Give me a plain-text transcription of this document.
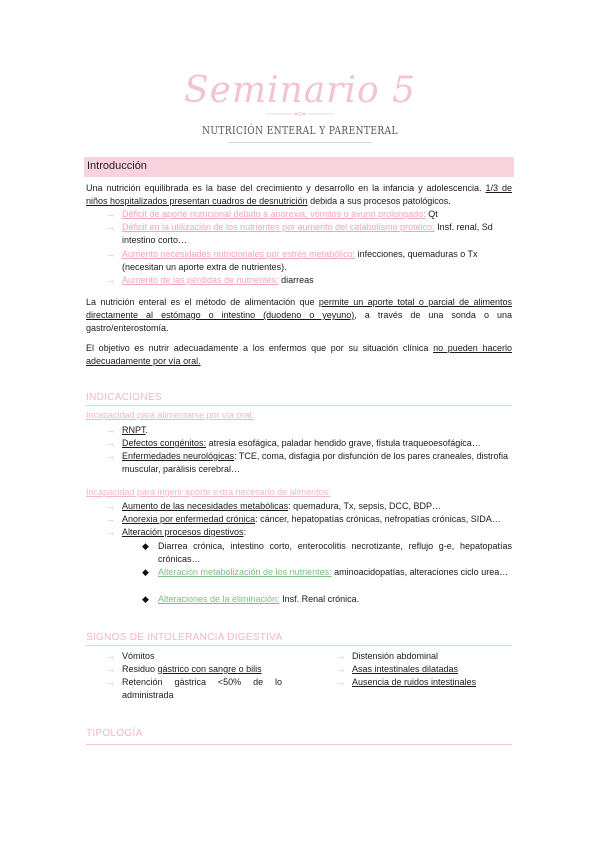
Seminario 5
NUTRICIÓN ENTERAL Y PARENTERAL
Introducción
Una nutrición equilibrada es la base del crecimiento y desarrollo en la infancia y adolescencia. 1/3 de niños hospitalizados presentan cuadros de desnutrición debida a sus procesos patológicos.
→ Déficit de aporte nutricional debido a anorexia, vómitos o ayuno prolongado: Qt
→ Déficit en la utilización de los nutrientes por aumento del catabolismo proteico: Insf. renal, Sd intestino corto…
→ Aumento necesidades nutricionales por estrés metabólico: infecciones, quemaduras o Tx (necesitan un aporte extra de nutrientes).
→ Aumento de las pérdidas de nutrientes: diarreas
La nutrición enteral es el método de alimentación que permite un aporte total o parcial de alimentos directamente al estómago o intestino (duodeno o yeyuno), a través de una sonda o una gastro/enterostomía.
El objetivo es nutrir adecuadamente a los enfermos que por su situación clínica no pueden hacerlo adecuadamente por vía oral.
INDICACIONES
Incapacidad para alimentarse por vía oral:
→ RNPT.
→ Defectos congénitos: atresia esofágica, paladar hendido grave, fístula traqueoesofágica…
→ Enfermedades neurológicas: TCE, coma, disfagia por disfunción de los pares craneales, distrofia muscular, parálisis cerebral…
Incapacidad para ingerir aporte extra necesario de alimentos:
→ Aumento de las necesidades metabólicas: quemadura, Tx, sepsis, DCC, BDP…
→ Anorexia por enfermedad crónica: cáncer, hepatopatías crónicas, nefropatías crónicas, SIDA…
→ Alteración procesos digestivos:
◆ Diarrea crónica, intestino corto, enterocolitis necrotizante, reflujo g-e, hepatopatías crónicas…
◆ Alteración metabolización de los nutrientes: aminoacidopatías, alteraciones ciclo urea…
◆ Alteraciones de la eliminación: Insf. Renal crónica.
SIGNOS DE INTOLERANCIA DIGESTIVA
→ Vómitos
→ Residuo gástrico con sangre o bilis
→ Retención gástrica <50% de lo administrada
→ Distensión abdominal
→ Asas intestinales dilatadas
→ Ausencia de ruidos intestinales
TIPOLOGÍA
